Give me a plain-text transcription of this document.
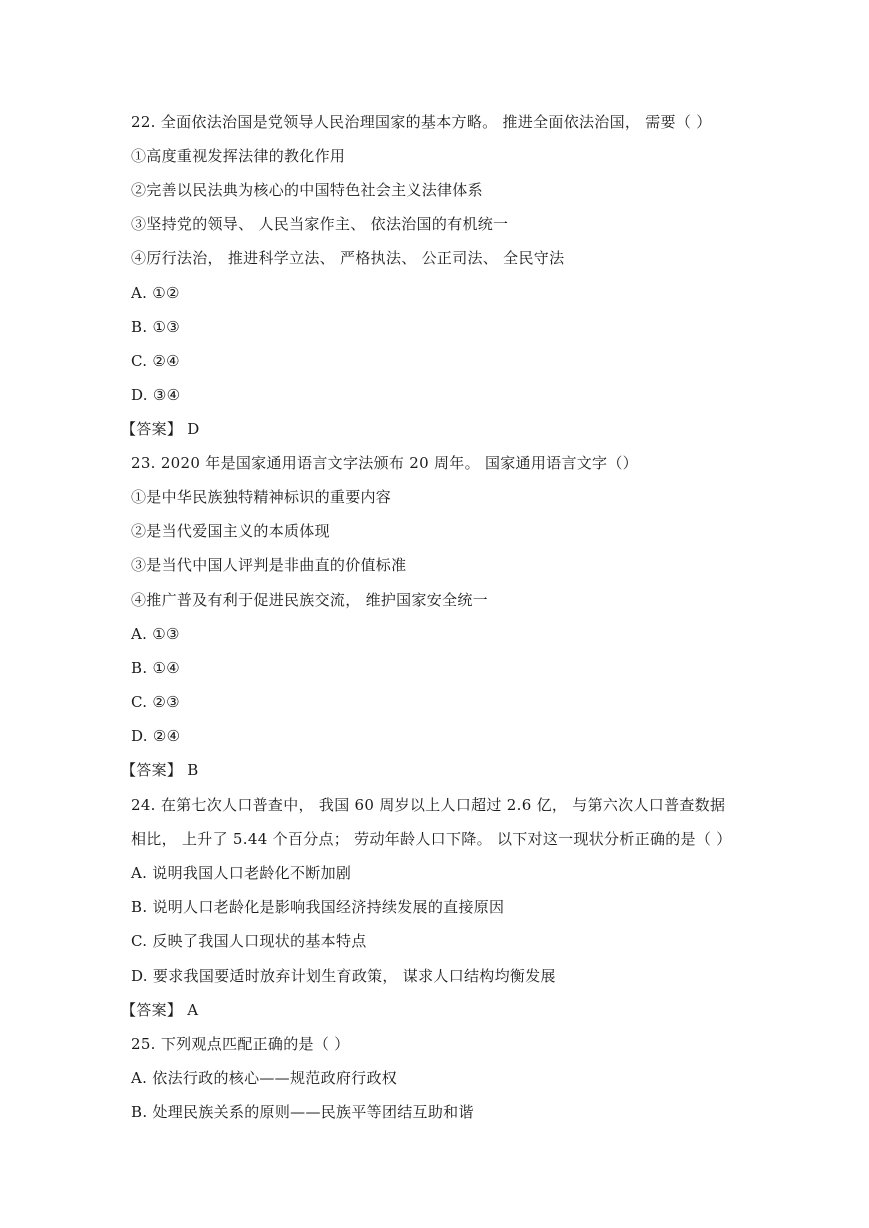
22. 全面依法治国是党领导人民治理国家的基本方略。 推进全面依法治国， 需要（ ）
①高度重视发挥法律的教化作用
②完善以民法典为核心的中国特色社会主义法律体系
③坚持党的领导、 人民当家作主、 依法治国的有机统一
④厉行法治， 推进科学立法、 严格执法、 公正司法、 全民守法
A. ①②
B. ①③
C. ②④
D. ③④
【答案】 D
23. 2020 年是国家通用语言文字法颁布 20 周年。 国家通用语言文字（）
①是中华民族独特精神标识的重要内容
②是当代爱国主义的本质体现
③是当代中国人评判是非曲直的价值标准
④推广普及有利于促进民族交流， 维护国家安全统一
A. ①③
B. ①④
C. ②③
D. ②④
【答案】 B
24. 在第七次人口普查中， 我国 60 周岁以上人口超过 2.6 亿， 与第六次人口普查数据
相比， 上升了 5.44 个百分点； 劳动年龄人口下降。 以下对这一现状分析正确的是（ ）
A. 说明我国人口老龄化不断加剧
B. 说明人口老龄化是影响我国经济持续发展的直接原因
C. 反映了我国人口现状的基本特点
D. 要求我国要适时放弃计划生育政策， 谋求人口结构均衡发展
【答案】 A
25. 下列观点匹配正确的是（ ）
A. 依法行政的核心——规范政府行政权
B. 处理民族关系的原则——民族平等团结互助和谐
